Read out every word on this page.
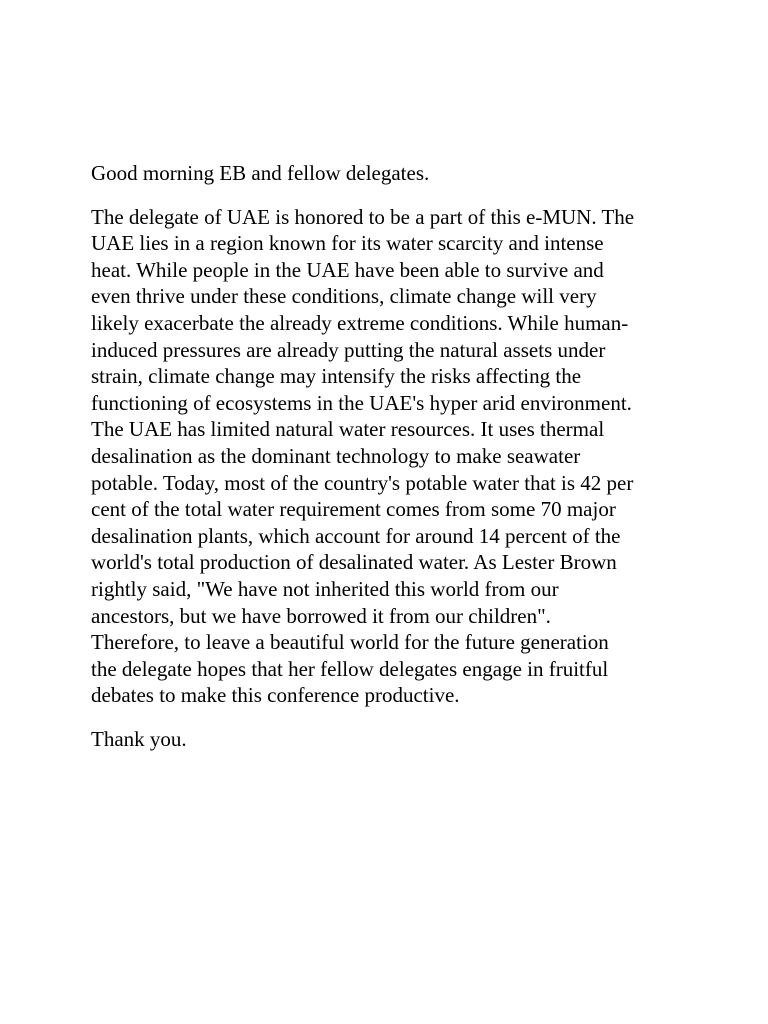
Good morning EB and fellow delegates.

The delegate of UAE is honored to be a part of this e-MUN. The
UAE lies in a region known for its water scarcity and intense
heat. While people in the UAE have been able to survive and
even thrive under these conditions, climate change will very
likely exacerbate the already extreme conditions. While human-
induced pressures are already putting the natural assets under
strain, climate change may intensify the risks affecting the
functioning of ecosystems in the UAE's hyper arid environment.
The UAE has limited natural water resources. It uses thermal
desalination as the dominant technology to make seawater
potable. Today, most of the country's potable water that is 42 per
cent of the total water requirement comes from some 70 major
desalination plants, which account for around 14 percent of the
world's total production of desalinated water. As Lester Brown
rightly said, "We have not inherited this world from our
ancestors, but we have borrowed it from our children".
Therefore, to leave a beautiful world for the future generation
the delegate hopes that her fellow delegates engage in fruitful
debates to make this conference productive.

Thank you.
